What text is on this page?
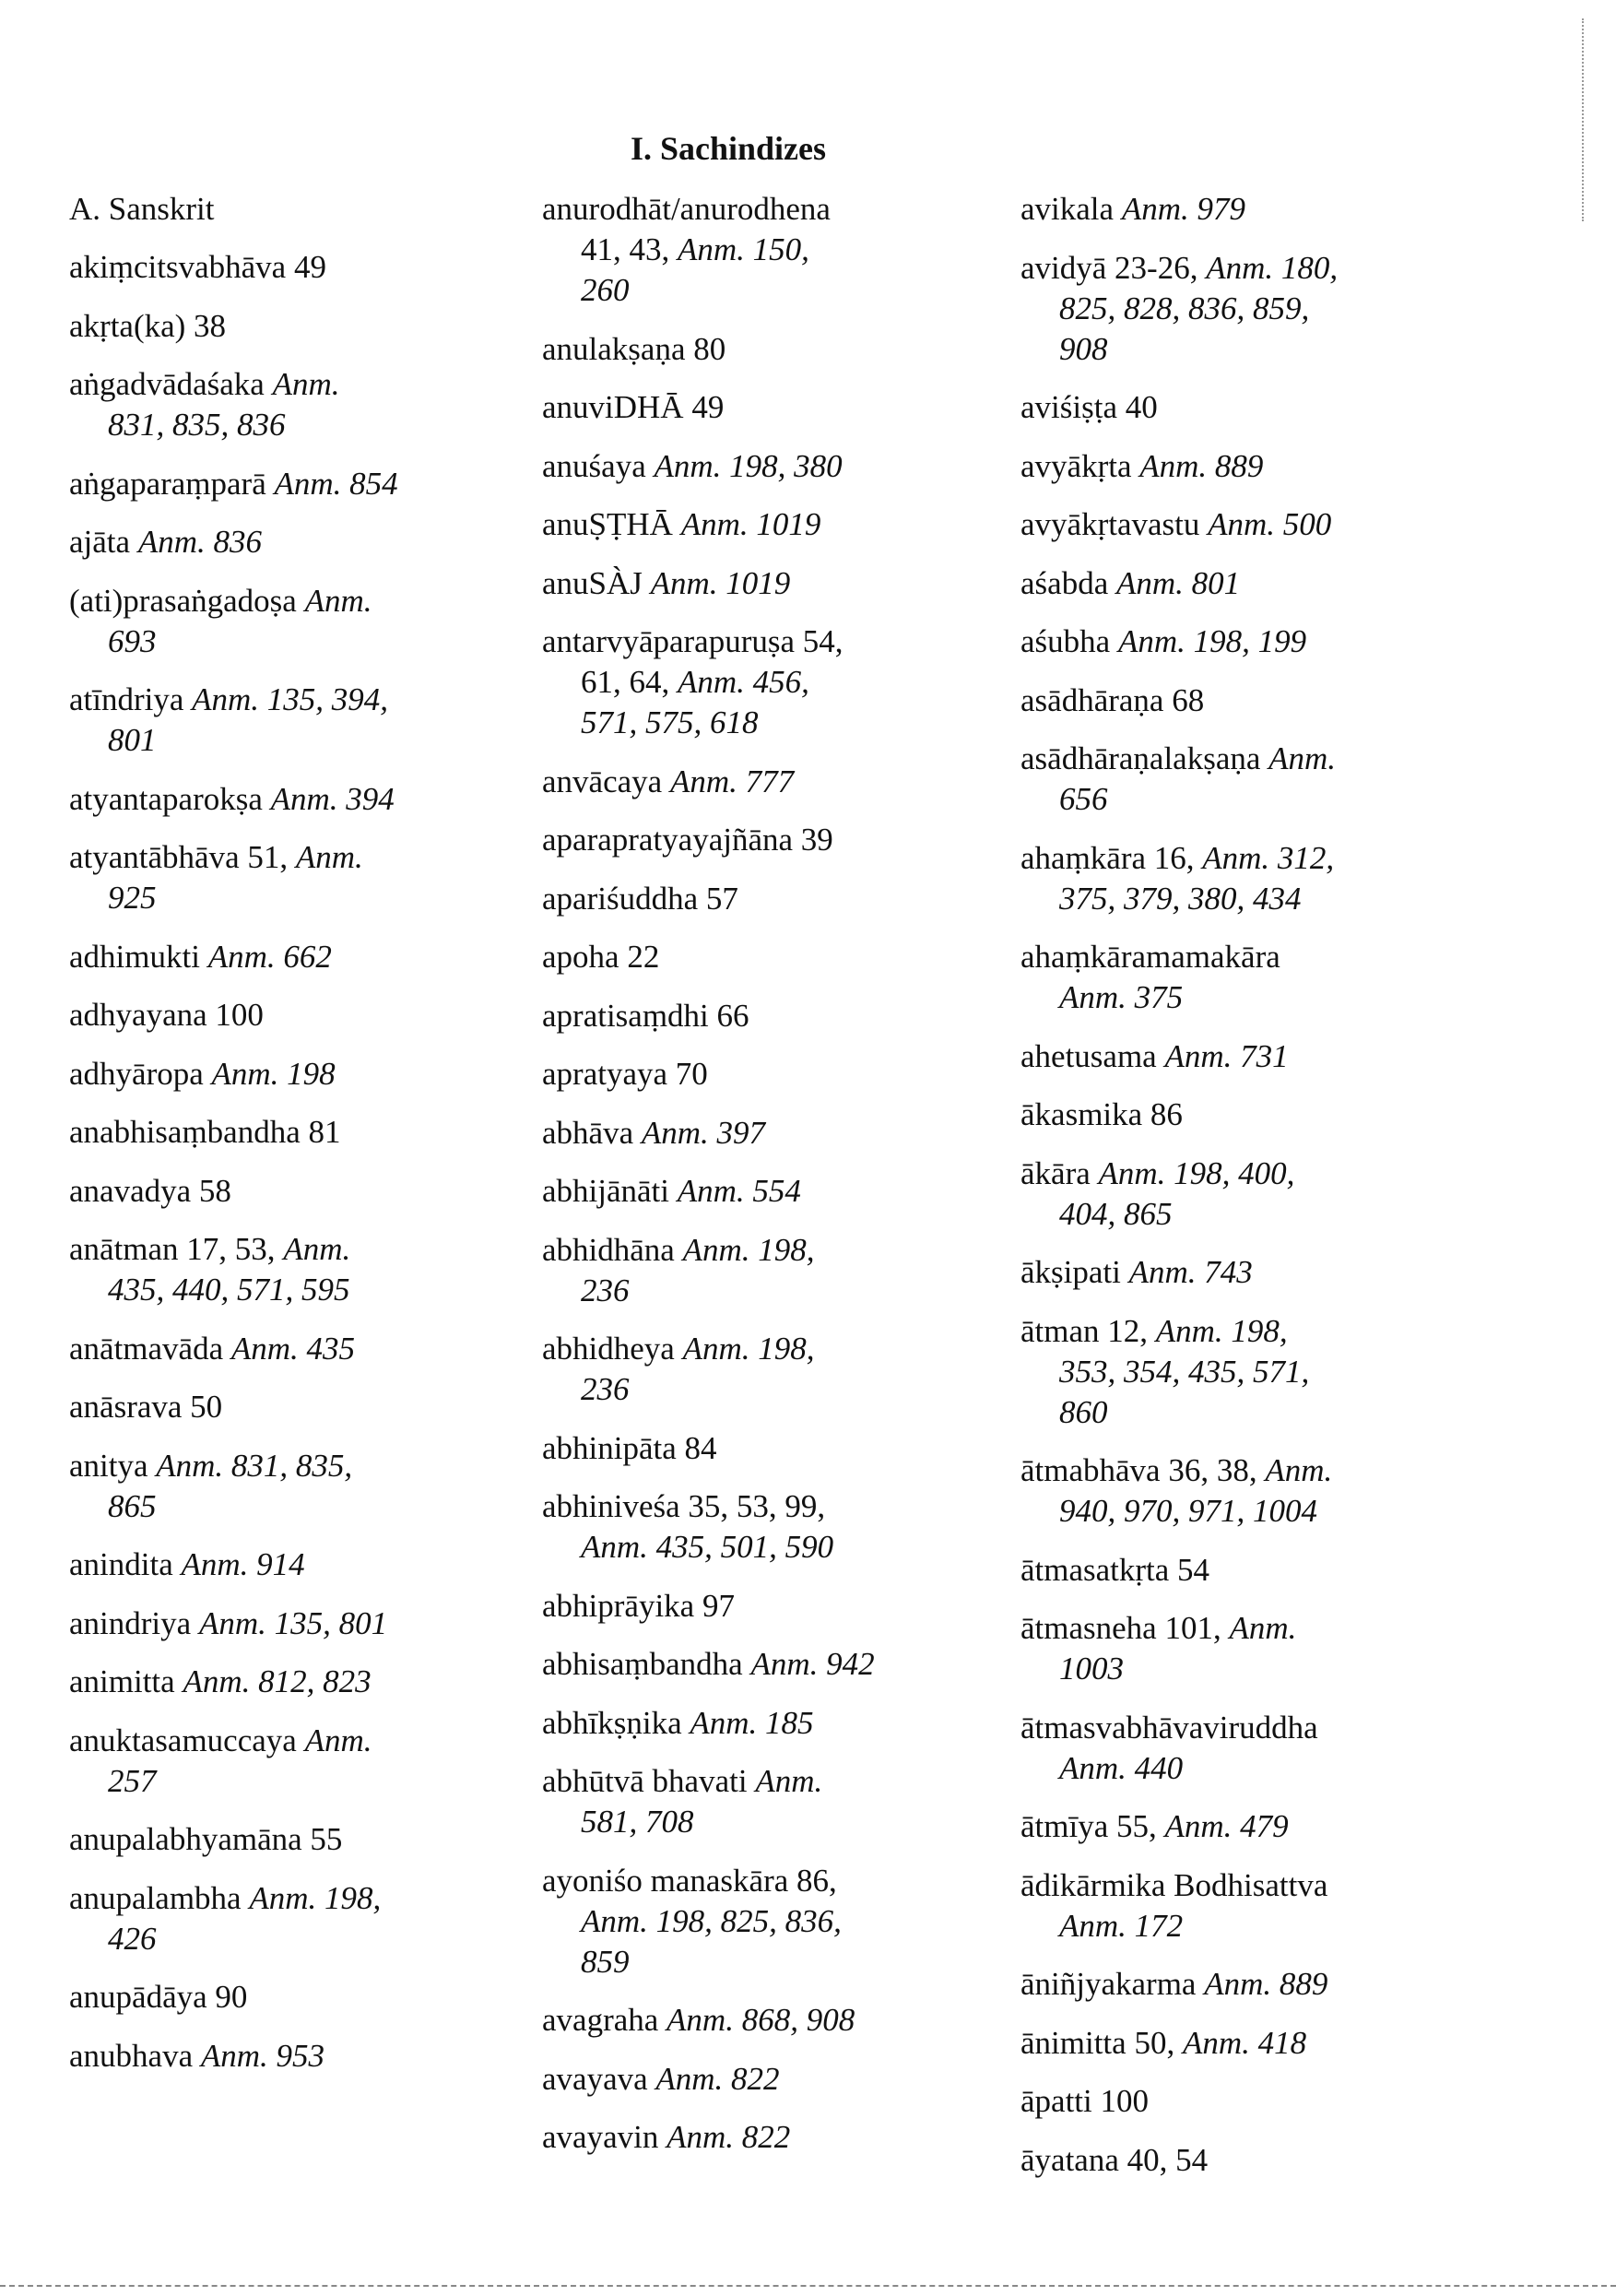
I. Sachindizes
A. Sanskrit
akiṃcitsvabhāva 49
akṛta(ka) 38
aṅgadvādaśaka Anm.
831, 835, 836
aṅgaparaṃparā Anm. 854
ajāta Anm. 836
(ati)prasaṅgadoṣa Anm.
693
atīndriya Anm. 135, 394,
801
atyantaparokṣa Anm. 394
atyantābhāva 51, Anm.
925
adhimukti Anm. 662
adhyayana 100
adhyāropa Anm. 198
anabhisaṃbandha 81
anavadya 58
anātman 17, 53, Anm.
435, 440, 571, 595
anātmavāda Anm. 435
anāsrava 50
anitya Anm. 831, 835,
865
anindita Anm. 914
anindriya Anm. 135, 801
animitta Anm. 812, 823
anuktasamuccaya Anm.
257
anupalabhyamāna 55
anupalambha Anm. 198,
426
anupādāya 90
anubhava Anm. 953
anurodhāt/anurodhena
41, 43, Anm. 150,
260
anulakṣaṇa 80
anuviDHĀ 49
anuśaya Anm. 198, 380
anuṢṬHĀ Anm. 1019
anuSÀJ Anm. 1019
antarvyāparapuruṣa 54,
61, 64, Anm. 456,
571, 575, 618
anvācaya Anm. 777
aparapratyayajñāna 39
apariśuddha 57
apoha 22
apratisaṃdhi 66
apratyaya 70
abhāva Anm. 397
abhijānāti Anm. 554
abhidhāna Anm. 198,
236
abhidheya Anm. 198,
236
abhinipāta 84
abhiniveśa 35, 53, 99,
Anm. 435, 501, 590
abhiprāyika 97
abhisaṃbandha Anm. 942
abhīkṣṇika Anm. 185
abhūtvā bhavati Anm.
581, 708
ayoniśo manaskāra 86,
Anm. 198, 825, 836,
859
avagraha Anm. 868, 908
avayava Anm. 822
avayavin Anm. 822
avikala Anm. 979
avidyā 23-26, Anm. 180,
825, 828, 836, 859,
908
aviśiṣṭa 40
avyākṛta Anm. 889
avyākṛtavastu Anm. 500
aśabda Anm. 801
aśubha Anm. 198, 199
asādhāraṇa 68
asādhāraṇalakṣaṇa Anm.
656
ahaṃkāra 16, Anm. 312,
375, 379, 380, 434
ahaṃkāramamakāra
Anm. 375
ahetusama Anm. 731
ākasmika 86
ākāra Anm. 198, 400,
404, 865
ākṣipati Anm. 743
ātman 12, Anm. 198,
353, 354, 435, 571,
860
ātmabhāva 36, 38, Anm.
940, 970, 971, 1004
ātmasatkṛta 54
ātmasneha 101, Anm.
1003
ātmasvabhāvaviruddha
Anm. 440
ātmīya 55, Anm. 479
ādikārmika Bodhisattva
Anm. 172
āniñjyakarma Anm. 889
ānimitta 50, Anm. 418
āpatti 100
āyatana 40, 54
